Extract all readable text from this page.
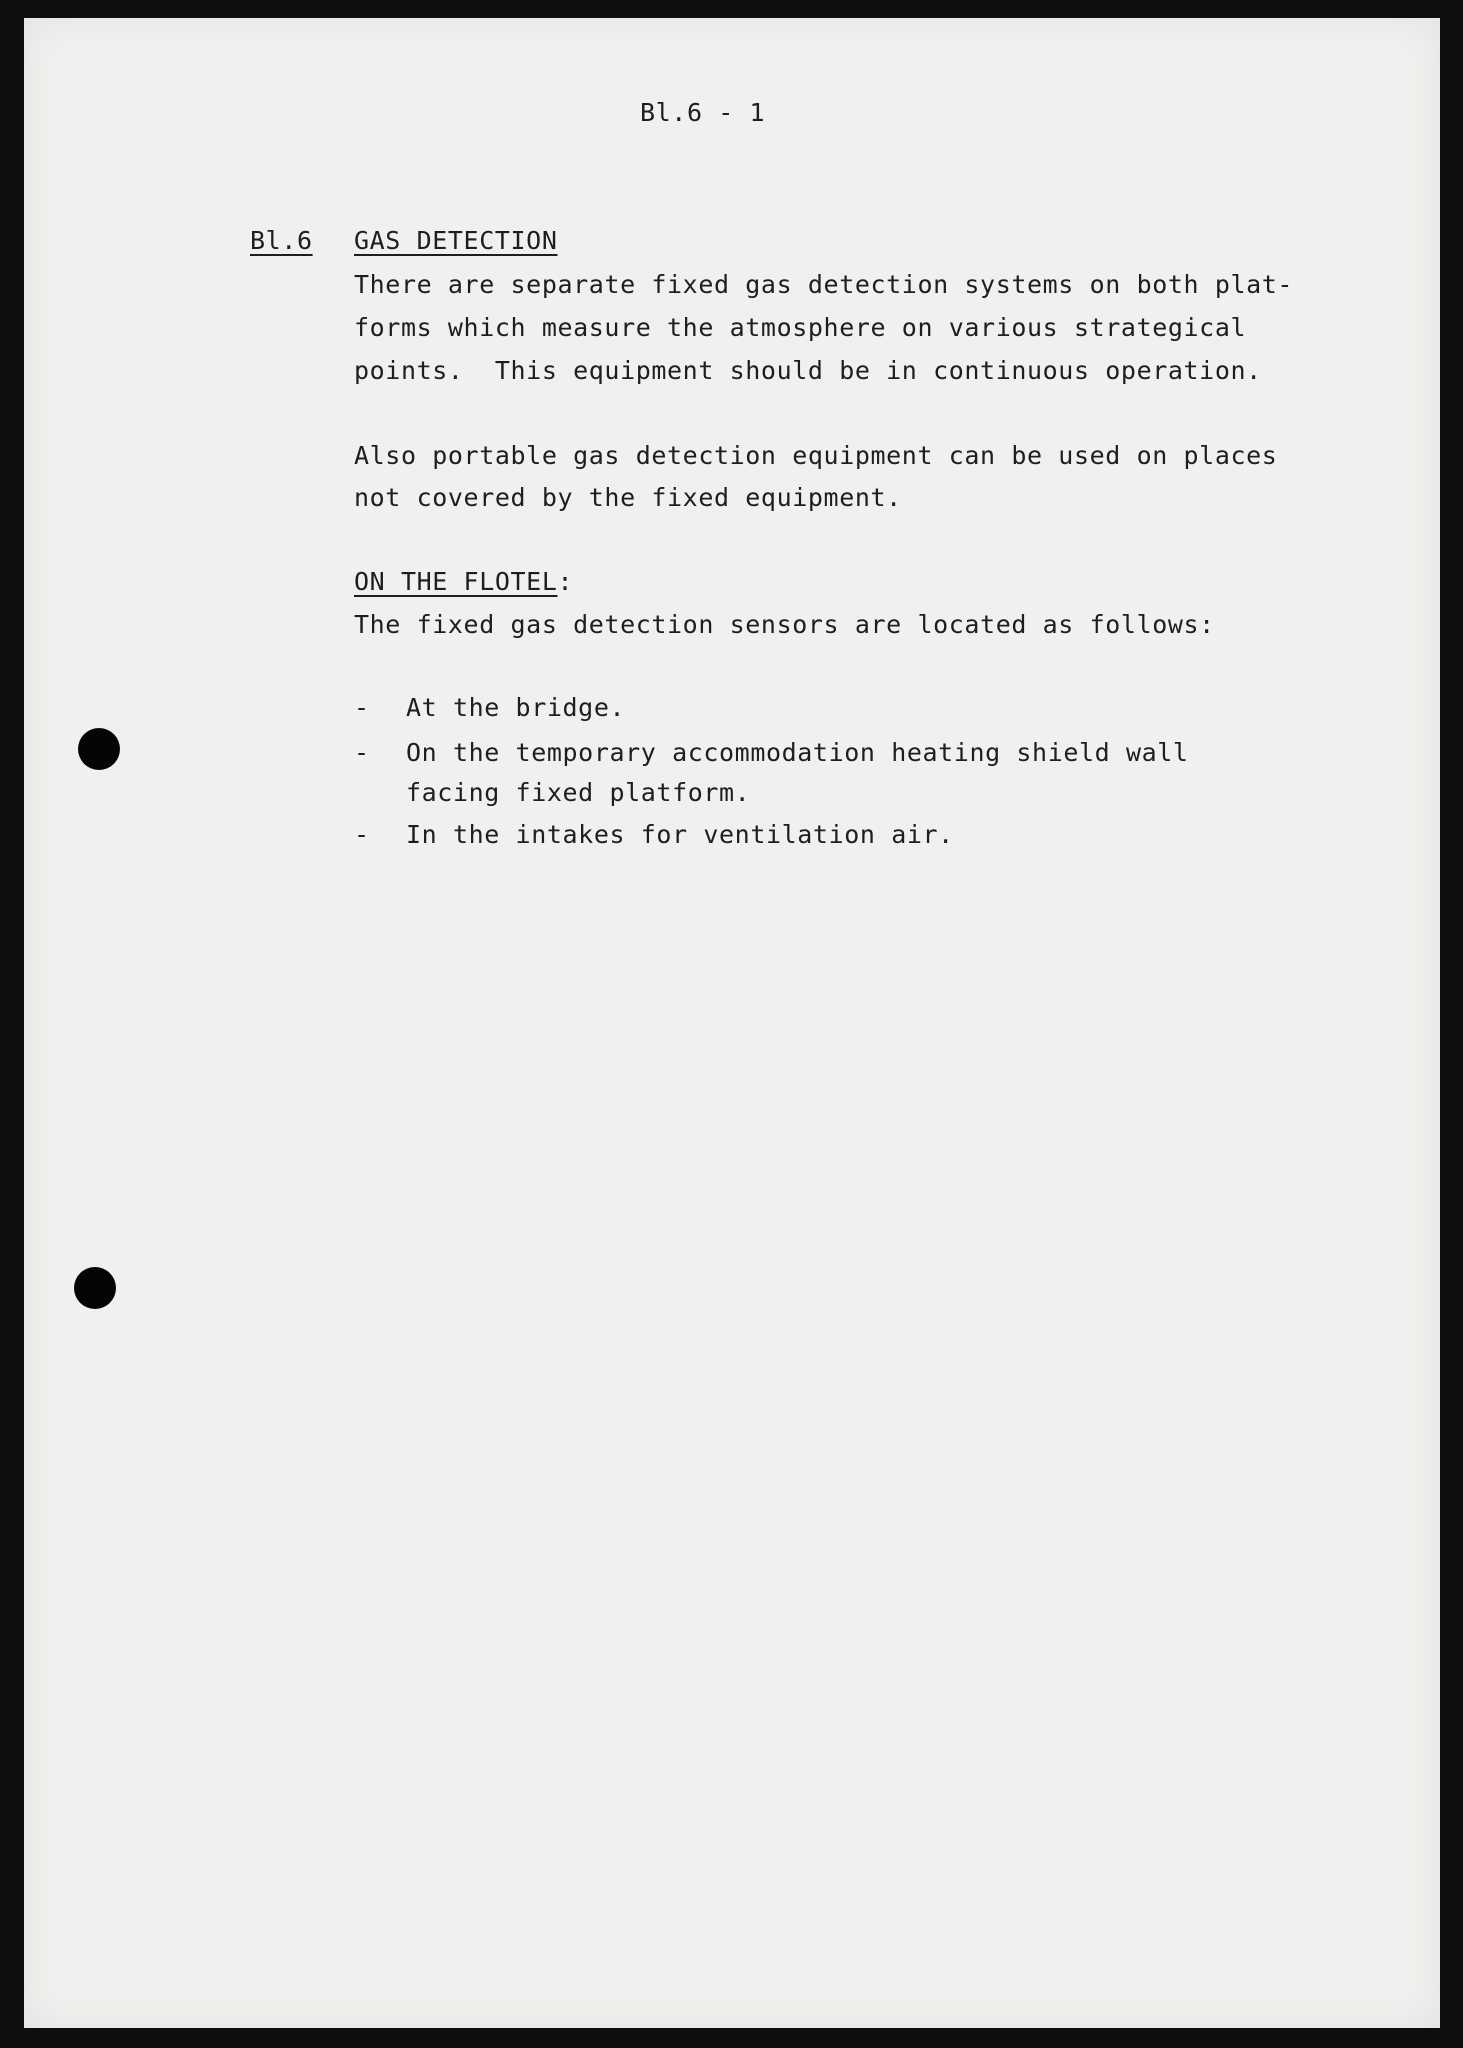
Bl.6 - 1
Bl.6 GAS DETECTION
There are separate fixed gas detection systems on both plat-
forms which measure the atmosphere on various strategical
points.  This equipment should be in continuous operation.
Also portable gas detection equipment can be used on places
not covered by the fixed equipment.
ON THE FLOTEL:
The fixed gas detection sensors are located as follows:
- At the bridge.
- On the temporary accommodation heating shield wall
facing fixed platform.
- In the intakes for ventilation air.
